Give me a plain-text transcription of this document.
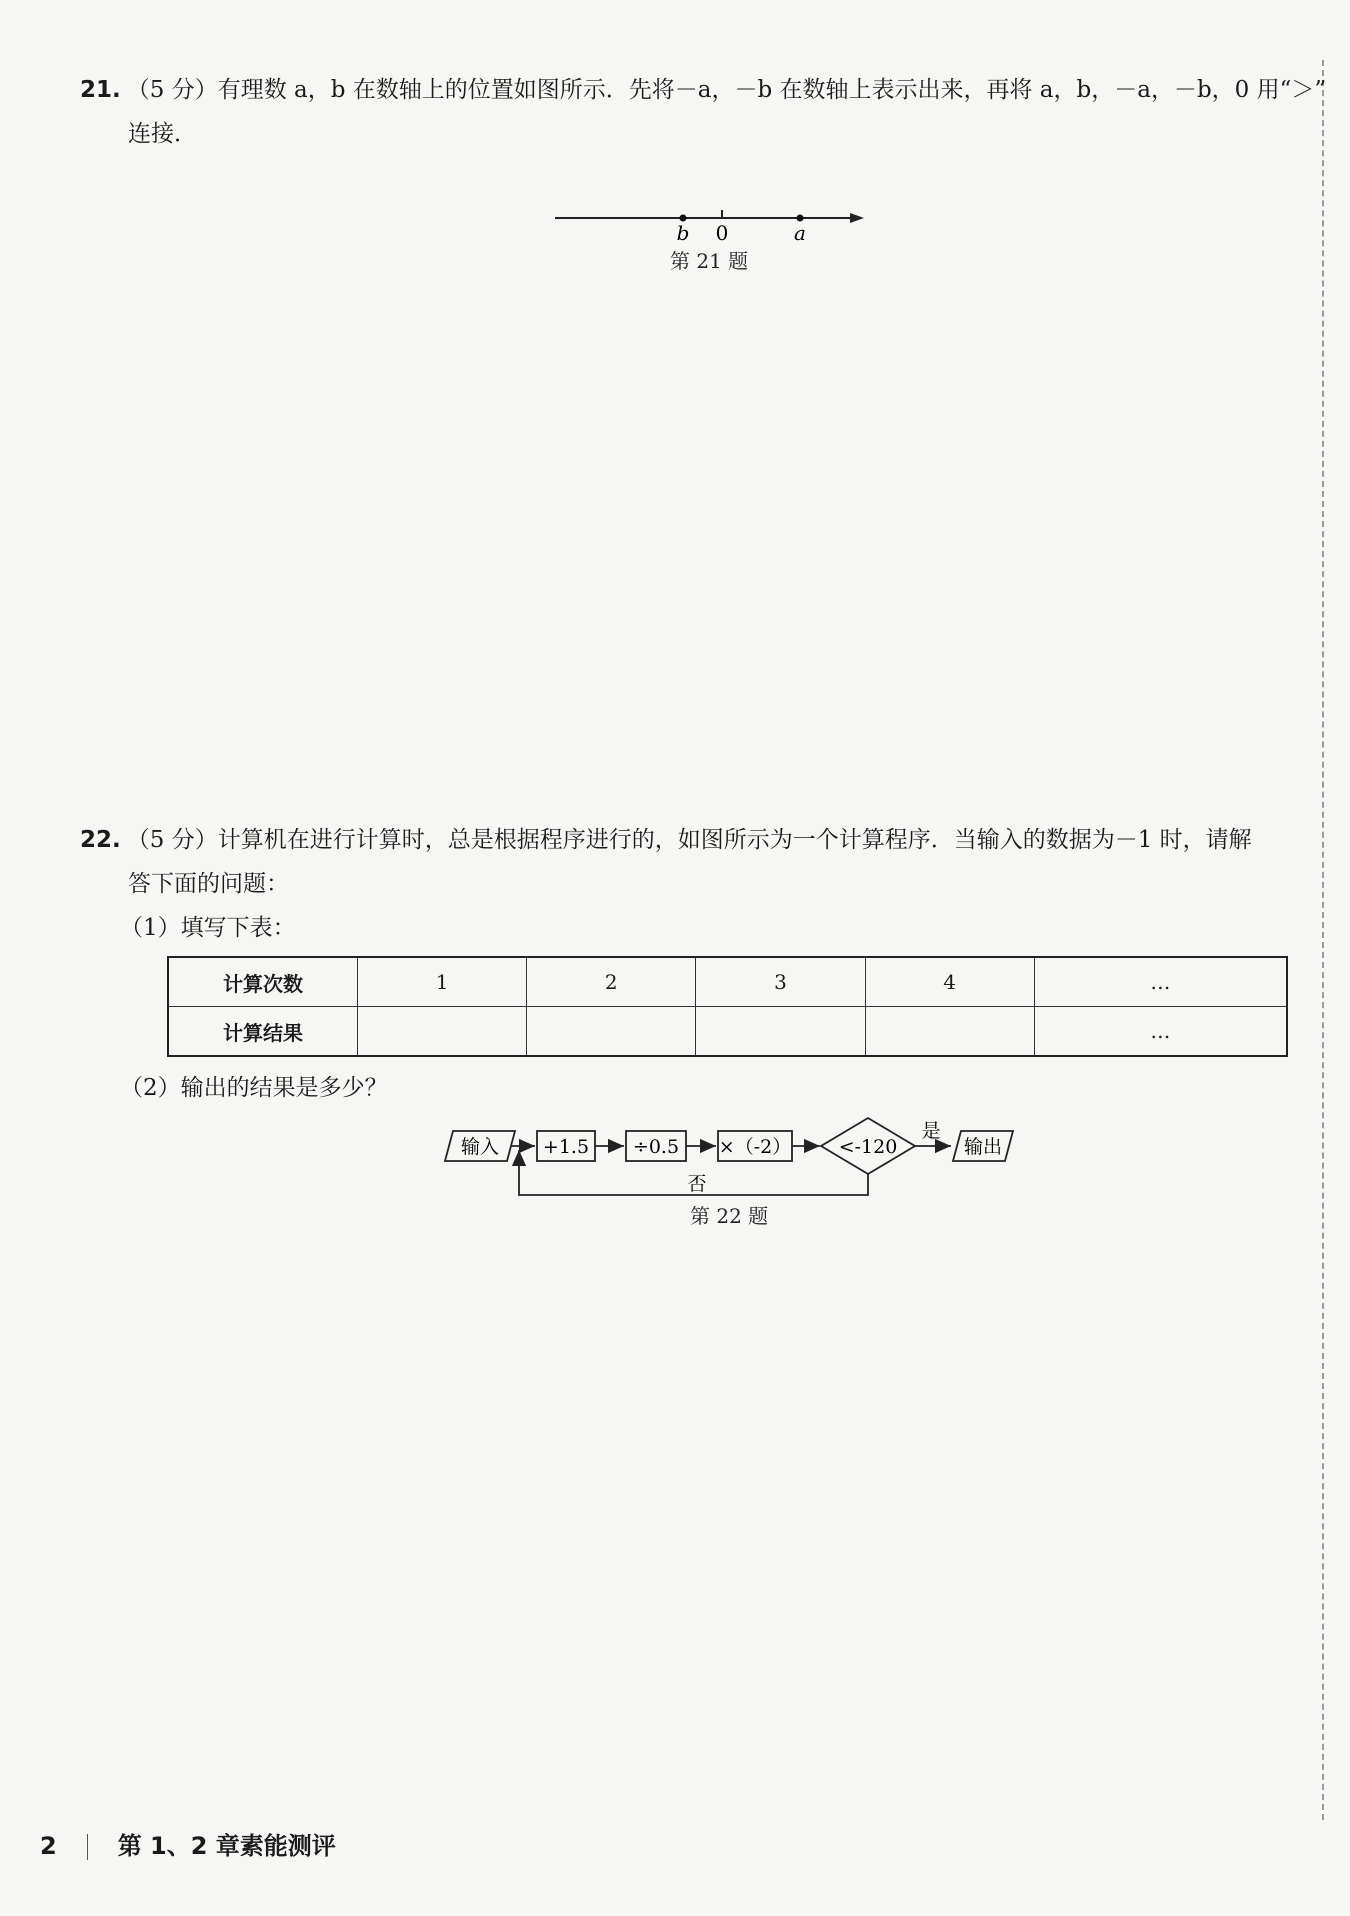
21. （5 分）有理数 a，b 在数轴上的位置如图所示．先将－a，－b 在数轴上表示出来，再将 a，b，－a，－b，0 用“＞”
连接．
b 0	a
第 21 题
22. （5 分）计算机在进行计算时，总是根据程序进行的，如图所示为一个计算程序．当输入的数据为－1 时，请解
答下面的问题：
（1）填写下表：
计算次数	1	2	3	4	…
计算结果					…
（2）输出的结果是多少？
输入 +1.5 ÷0.5 ×（-2） <-120
是
输出
否
第 22 题
2	第 1、2 章素能测评
